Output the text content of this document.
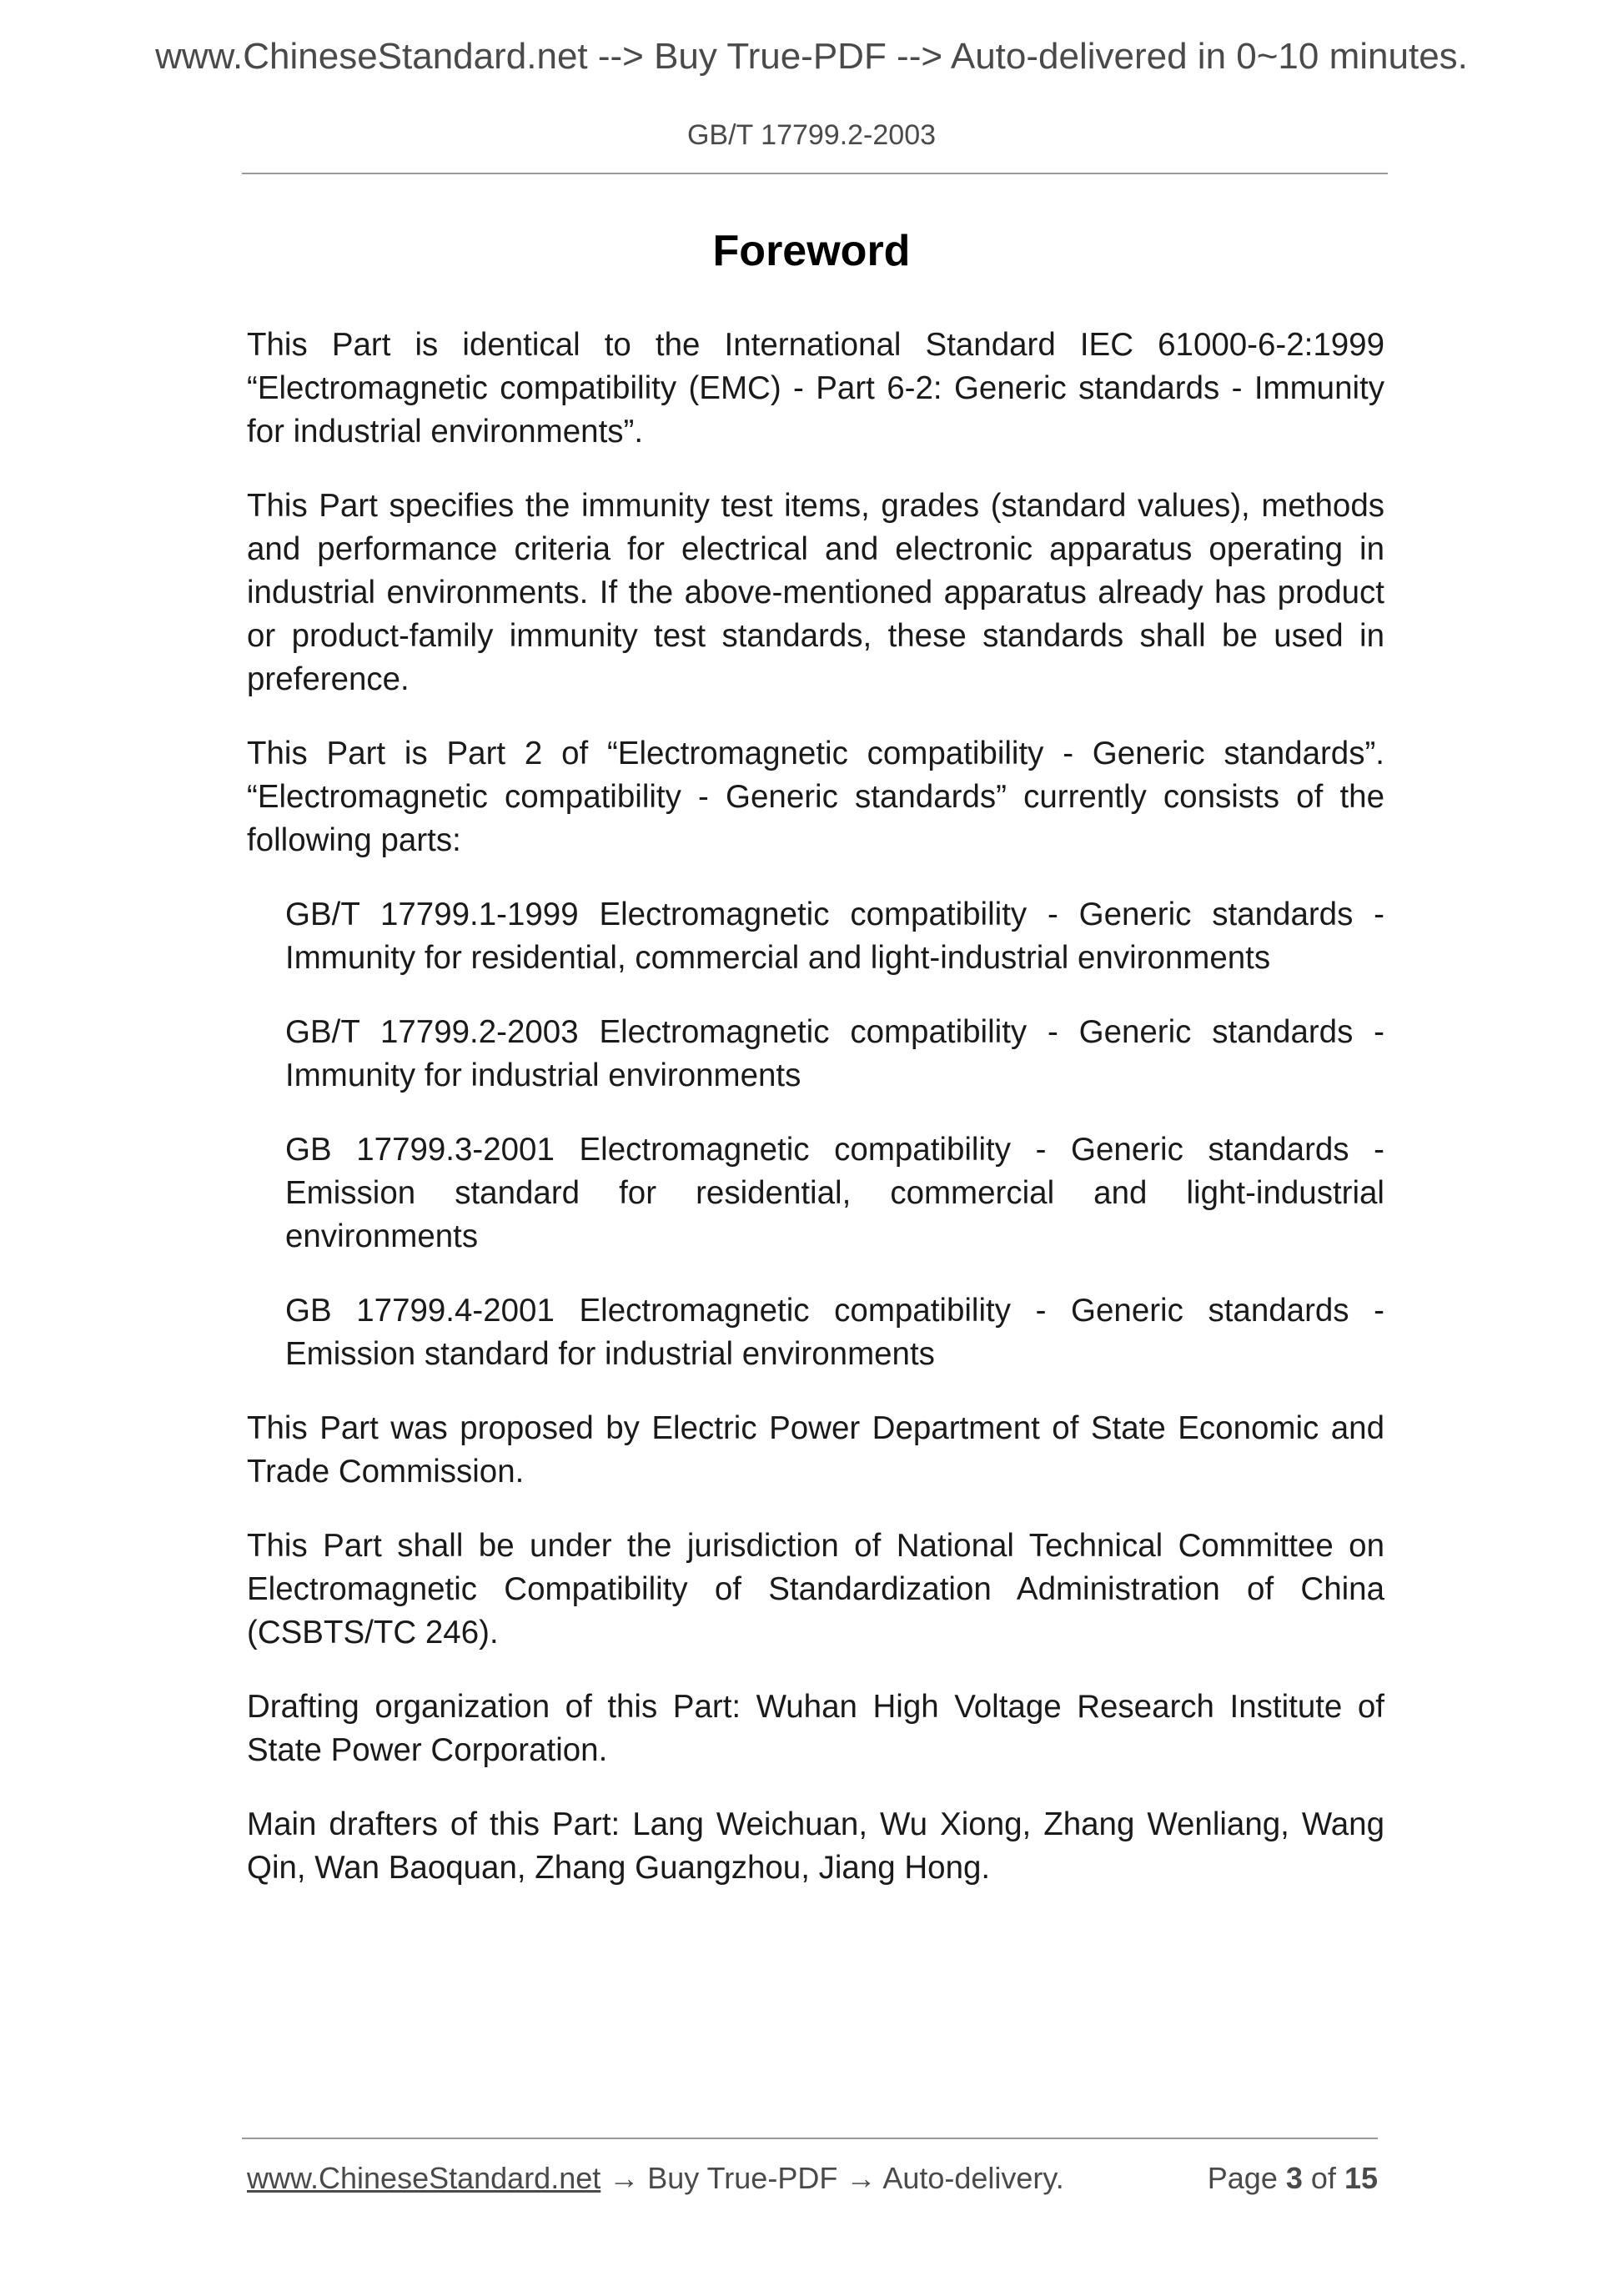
www.ChineseStandard.net --> Buy True-PDF --> Auto-delivered in 0~10 minutes.
GB/T 17799.2-2003
Foreword

This Part is identical to the International Standard IEC 61000-6-2:1999 “Electromagnetic compatibility (EMC) - Part 6-2: Generic standards - Immunity for industrial environments”.

This Part specifies the immunity test items, grades (standard values), methods and performance criteria for electrical and electronic apparatus operating in industrial environments. If the above-mentioned apparatus already has product or product-family immunity test standards, these standards shall be used in preference.

This Part is Part 2 of “Electromagnetic compatibility - Generic standards”. “Electromagnetic compatibility - Generic standards” currently consists of the following parts:

GB/T 17799.1-1999 Electromagnetic compatibility - Generic standards - Immunity for residential, commercial and light-industrial environments

GB/T 17799.2-2003 Electromagnetic compatibility - Generic standards - Immunity for industrial environments

GB 17799.3-2001 Electromagnetic compatibility - Generic standards - Emission standard for residential, commercial and light-industrial environments

GB 17799.4-2001 Electromagnetic compatibility - Generic standards - Emission standard for industrial environments

This Part was proposed by Electric Power Department of State Economic and Trade Commission.

This Part shall be under the jurisdiction of National Technical Committee on Electromagnetic Compatibility of Standardization Administration of China (CSBTS/TC 246).

Drafting organization of this Part: Wuhan High Voltage Research Institute of State Power Corporation.

Main drafters of this Part: Lang Weichuan, Wu Xiong, Zhang Wenliang, Wang Qin, Wan Baoquan, Zhang Guangzhou, Jiang Hong.

www.ChineseStandard.net → Buy True-PDF → Auto-delivery.	Page 3 of 15
